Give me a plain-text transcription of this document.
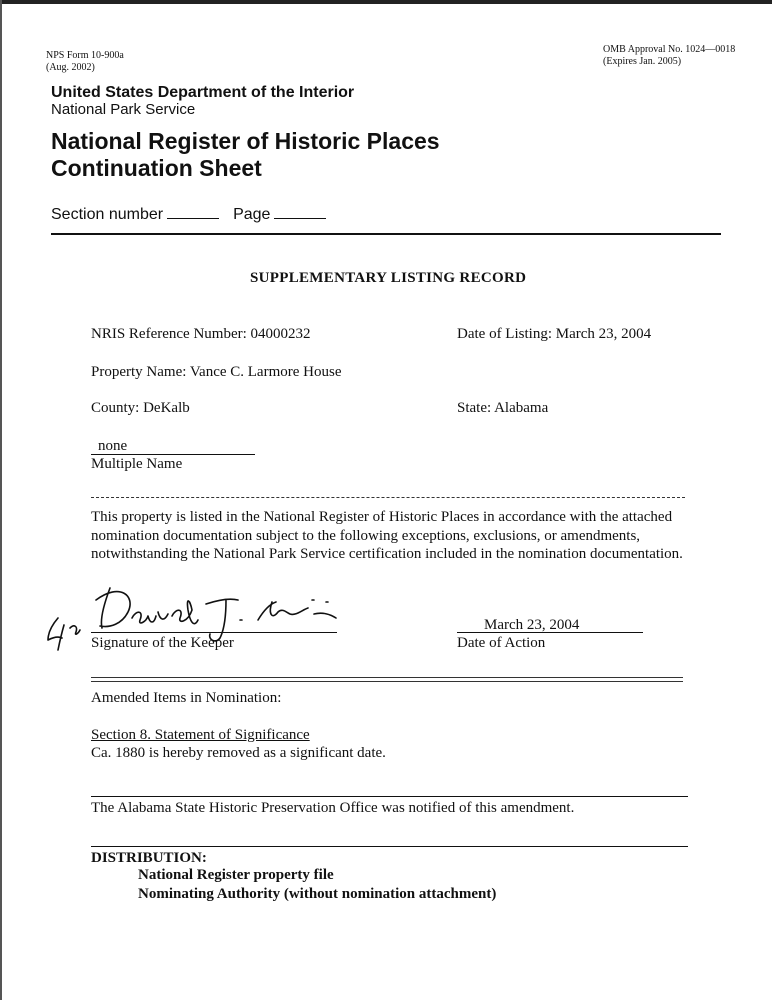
NPS Form 10-900a
(Aug. 2002)
OMB Approval No. 1024—0018
(Expires Jan. 2005)
United States Department of the Interior
National Park Service
National Register of Historic Places
Continuation Sheet
Section number	Page
SUPPLEMENTARY LISTING RECORD
NRIS Reference Number: 04000232	Date of Listing: March 23, 2004
Property Name: Vance C. Larmore House
County: DeKalb	State: Alabama
none
Multiple Name
This property is listed in the National Register of Historic Places in accordance with the attached nomination documentation subject to the following exceptions, exclusions, or amendments, notwithstanding the National Park Service certification included in the nomination documentation.
Signature of the Keeper
March 23, 2004
Date of Action
Amended Items in Nomination:
Section 8. Statement of Significance
Ca. 1880 is hereby removed as a significant date.
The Alabama State Historic Preservation Office was notified of this amendment.
DISTRIBUTION:
National Register property file
Nominating Authority (without nomination attachment)
